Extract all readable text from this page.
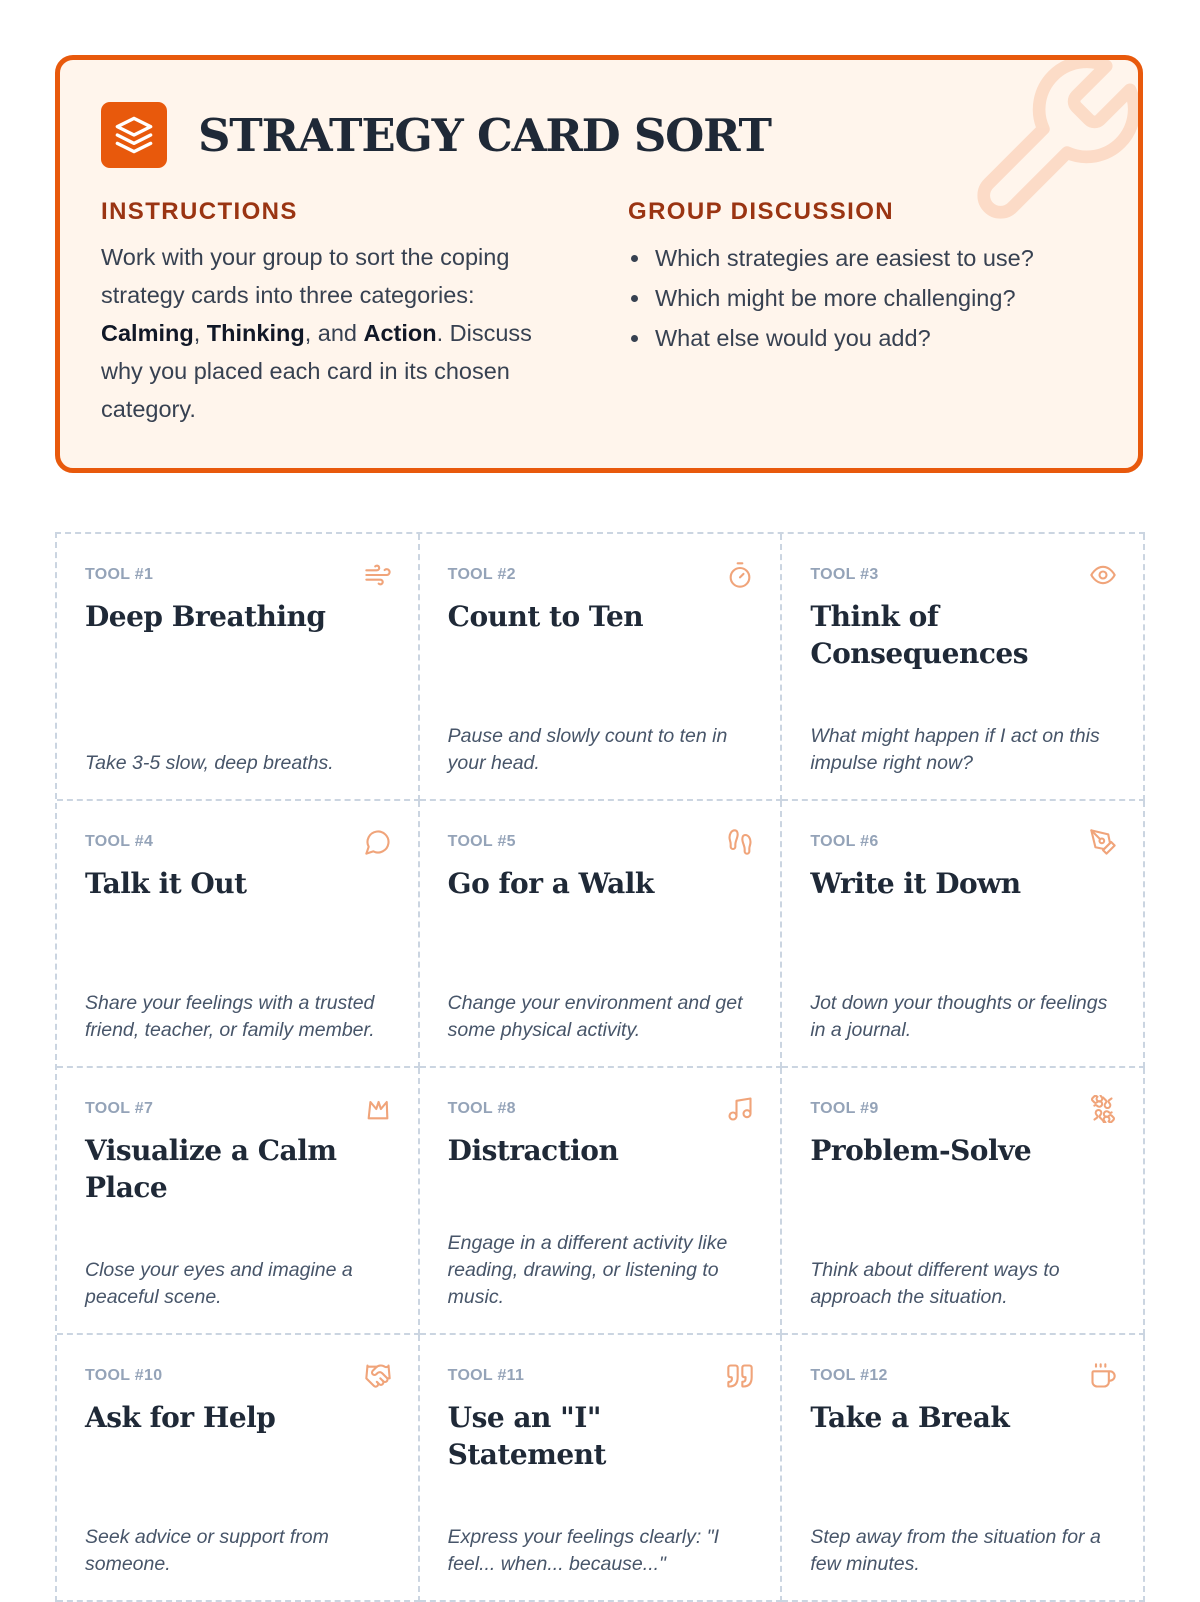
STRATEGY CARD SORT
INSTRUCTIONS

Work with your group to sort the coping strategy cards into three categories: Calming, Thinking, and Action. Discuss why you placed each card in its chosen category.

GROUP DISCUSSION
Which strategies are easiest to use?
Which might be more challenging?
What else would you add?
TOOL #1
Deep Breathing

Take 3-5 slow, deep breaths.

TOOL #2
Count to Ten

Pause and slowly count to ten in your head.

TOOL #3
Think of Consequences

What might happen if I act on this impulse right now?

TOOL #4
Talk it Out

Share your feelings with a trusted friend, teacher, or family member.

TOOL #5
Go for a Walk

Change your environment and get some physical activity.

TOOL #6
Write it Down

Jot down your thoughts or feelings in a journal.

TOOL #7
Visualize a Calm Place

Close your eyes and imagine a peaceful scene.

TOOL #8
Distraction

Engage in a different activity like reading, drawing, or listening to music.

TOOL #9
Problem-Solve

Think about different ways to approach the situation.

TOOL #10
Ask for Help

Seek advice or support from someone.

TOOL #11
Use an "I" Statement

Express your feelings clearly: "I feel... when... because..."

TOOL #12
Take a Break

Step away from the situation for a few minutes.
